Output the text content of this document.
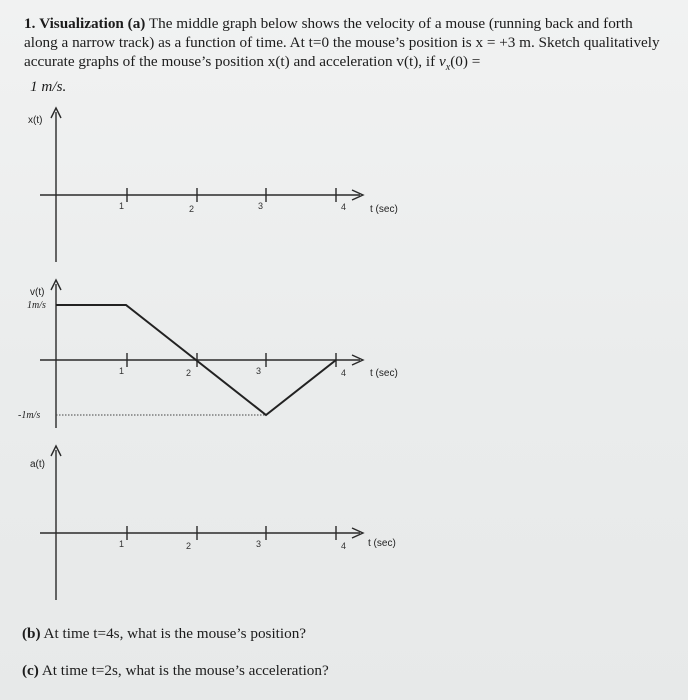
1. Visualization (a) The middle graph below shows the velocity of a mouse (running back and forth along a narrow track) as a function of time. At t=0 the mouse’s position is x = +3 m. Sketch qualitatively accurate graphs of the mouse’s position x(t) and acceleration v(t), if $v_x(0)$ =
1 m/s.
x(t)
1	2	3	4 t (sec)
v(t)
1m/s
-1m/s
1	2	3	4 t (sec)
a(t)
1	2	3	4 t (sec)
(b) At time t=4s, what is the mouse’s position?
(c) At time t=2s, what is the mouse’s acceleration?
